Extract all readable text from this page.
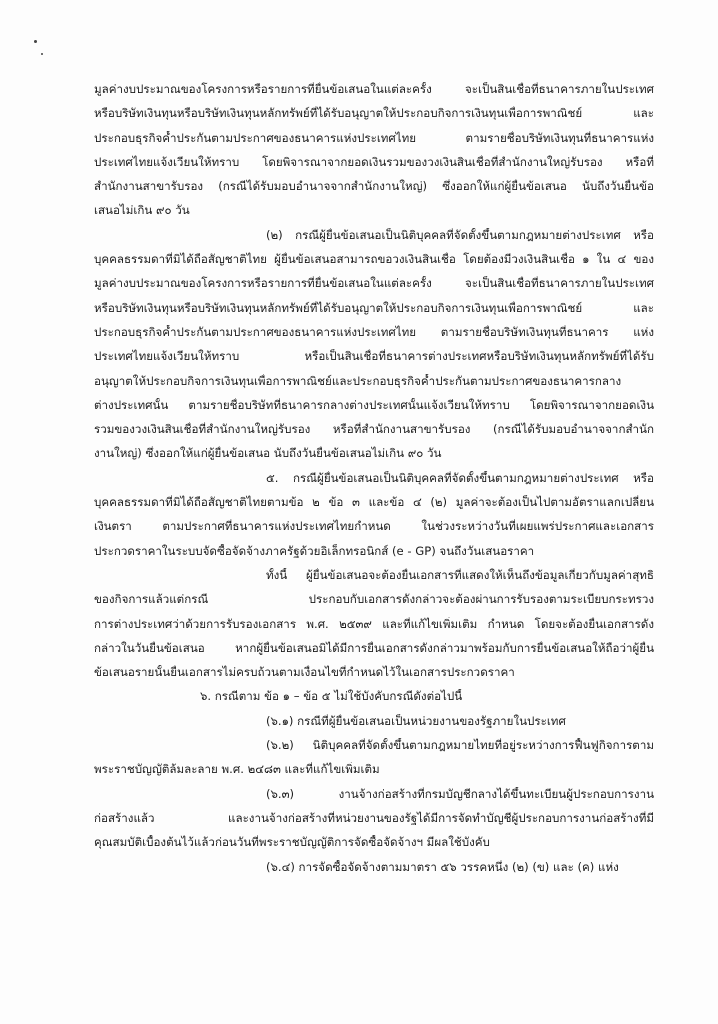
มูลค่างบประมาณของโครงการหรือรายการที่ยื่นข้อเสนอในแต่ละครั้ง จะเป็นสินเชื่อที่ธนาคารภายในประเทศ
หรือบริษัทเงินทุนหรือบริษัทเงินทุนหลักทรัพย์ที่ได้รับอนุญาตให้ประกอบกิจการเงินทุนเพื่อการพาณิชย์ และ
ประกอบธุรกิจค้ำประกันตามประกาศของธนาคารแห่งประเทศไทย ตามรายชื่อบริษัทเงินทุนที่ธนาคารแห่ง
ประเทศไทยแจ้งเวียนให้ทราบ โดยพิจารณาจากยอดเงินรวมของวงเงินสินเชื่อที่สำนักงานใหญ่รับรอง หรือที่
สำนักงานสาขารับรอง (กรณีได้รับมอบอำนาจจากสำนักงานใหญ่) ซึ่งออกให้แก่ผู้ยื่นข้อเสนอ นับถึงวันยื่นข้อ
เสนอไม่เกิน ๙๐ วัน
(๒) กรณีผู้ยื่นข้อเสนอเป็นนิติบุคคลที่จัดตั้งขึ้นตามกฎหมายต่างประเทศ หรือ
บุคคลธรรมดาที่มิได้ถือสัญชาติไทย ผู้ยื่นข้อเสนอสามารถขอวงเงินสินเชื่อ โดยต้องมีวงเงินสินเชื่อ ๑ ใน ๔ ของ
มูลค่างบประมาณของโครงการหรือรายการที่ยื่นข้อเสนอในแต่ละครั้ง จะเป็นสินเชื่อที่ธนาคารภายในประเทศ
หรือบริษัทเงินทุนหรือบริษัทเงินทุนหลักทรัพย์ที่ได้รับอนุญาตให้ประกอบกิจการเงินทุนเพื่อการพาณิชย์ และ
ประกอบธุรกิจค้ำประกันตามประกาศของธนาคารแห่งประเทศไทย ตามรายชื่อบริษัทเงินทุนที่ธนาคาร แห่ง
ประเทศไทยแจ้งเวียนให้ทราบ หรือเป็นสินเชื่อที่ธนาคารต่างประเทศหรือบริษัทเงินทุนหลักทรัพย์ที่ได้รับ
อนุญาตให้ประกอบกิจการเงินทุนเพื่อการพาณิชย์และประกอบธุรกิจค้ำประกันตามประกาศของธนาคารกลาง
ต่างประเทศนั้น ตามรายชื่อบริษัทที่ธนาคารกลางต่างประเทศนั้นแจ้งเวียนให้ทราบ โดยพิจารณาจากยอดเงิน
รวมของวงเงินสินเชื่อที่สำนักงานใหญ่รับรอง หรือที่สำนักงานสาขารับรอง (กรณีได้รับมอบอำนาจจากสำนัก
งานใหญ่) ซึ่งออกให้แก่ผู้ยื่นข้อเสนอ นับถึงวันยื่นข้อเสนอไม่เกิน ๙๐ วัน
๕. กรณีผู้ยื่นข้อเสนอเป็นนิติบุคคลที่จัดตั้งขึ้นตามกฎหมายต่างประเทศ หรือ
บุคคลธรรมดาที่มิได้ถือสัญชาติไทยตามข้อ ๒ ข้อ ๓ และข้อ ๔ (๒) มูลค่าจะต้องเป็นไปตามอัตราแลกเปลี่ยน
เงินตรา ตามประกาศที่ธนาคารแห่งประเทศไทยกำหนด ในช่วงระหว่างวันที่เผยแพร่ประกาศและเอกสาร
ประกวดราคาในระบบจัดซื้อจัดจ้างภาครัฐด้วยอิเล็กทรอนิกส์ (e - GP) จนถึงวันเสนอราคา
ทั้งนี้ ผู้ยื่นข้อเสนอจะต้องยื่นเอกสารที่แสดงให้เห็นถึงข้อมูลเกี่ยวกับมูลค่าสุทธิ
ของกิจการแล้วแต่กรณี ประกอบกับเอกสารดังกล่าวจะต้องผ่านการรับรองตามระเบียบกระทรวง
การต่างประเทศว่าด้วยการรับรองเอกสาร พ.ศ. ๒๕๓๙ และที่แก้ไขเพิ่มเติม กำหนด โดยจะต้องยื่นเอกสารดัง
กล่าวในวันยื่นข้อเสนอ หากผู้ยื่นข้อเสนอมิได้มีการยื่นเอกสารดังกล่าวมาพร้อมกับการยื่นข้อเสนอให้ถือว่าผู้ยื่น
ข้อเสนอรายนั้นยื่นเอกสารไม่ครบถ้วนตามเงื่อนไขที่กำหนดไว้ในเอกสารประกวดราคา
๖. กรณีตาม ข้อ ๑ – ข้อ ๕ ไม่ใช้บังคับกรณีดังต่อไปนี้
(๖.๑) กรณีที่ผู้ยื่นข้อเสนอเป็นหน่วยงานของรัฐภายในประเทศ
(๖.๒) นิติบุคคลที่จัดตั้งขึ้นตามกฎหมายไทยที่อยู่ระหว่างการฟื้นฟูกิจการตาม
พระราชบัญญัติล้มละลาย พ.ศ. ๒๔๘๓ และที่แก้ไขเพิ่มเติม
(๖.๓) งานจ้างก่อสร้างที่กรมบัญชีกลางได้ขึ้นทะเบียนผู้ประกอบการงาน
ก่อสร้างแล้ว และงานจ้างก่อสร้างที่หน่วยงานของรัฐได้มีการจัดทำบัญชีผู้ประกอบการงานก่อสร้างที่มี
คุณสมบัติเบื้องต้นไว้แล้วก่อนวันที่พระราชบัญญัติการจัดซื้อจัดจ้างฯ มีผลใช้บังคับ
(๖.๔) การจัดซื้อจัดจ้างตามมาตรา ๕๖ วรรคหนึ่ง (๒) (ข) และ (ค) แห่ง
